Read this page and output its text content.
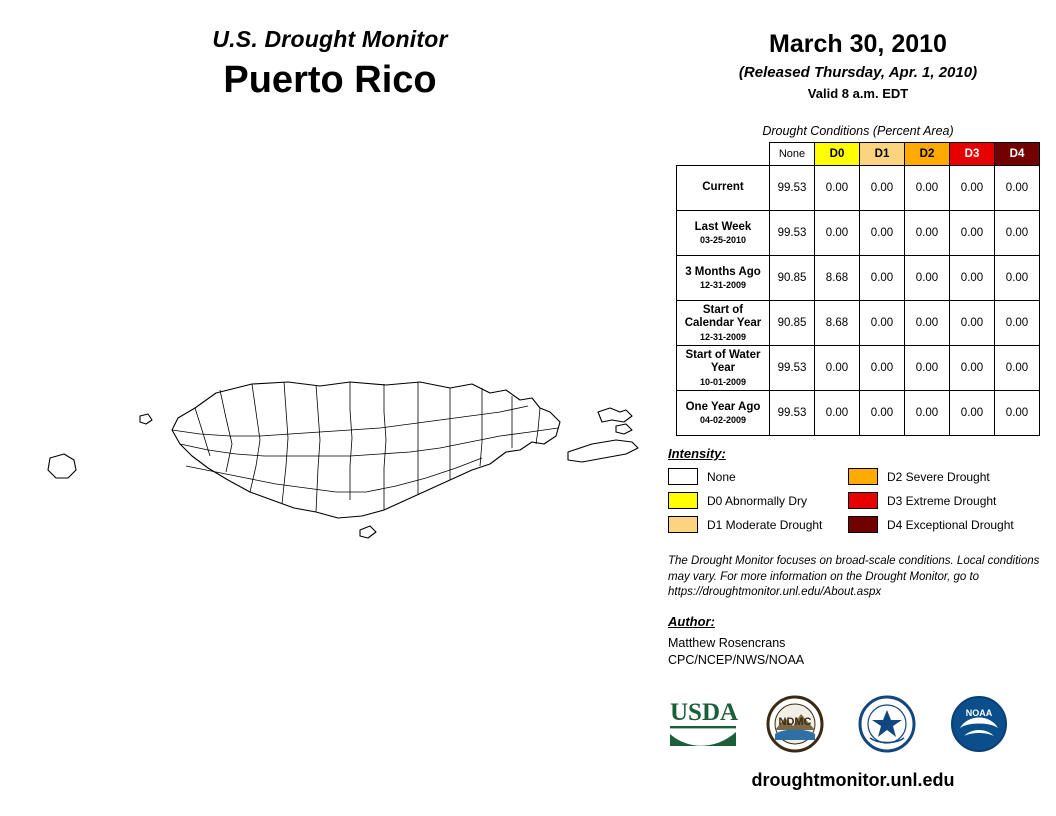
U.S. Drought Monitor
Puerto Rico
March 30, 2010
(Released Thursday, Apr. 1, 2010)
Valid 8 a.m. EDT
Drought Conditions (Percent Area)
	None	D0	D1	D2	D3	D4
Current	99.53	0.00	0.00	0.00	0.00	0.00
Last Week
03-25-2010	99.53	0.00	0.00	0.00	0.00	0.00
3 Months Ago
12-31-2009	90.85	8.68	0.00	0.00	0.00	0.00
Start of Calendar Year
12-31-2009	90.85	8.68	0.00	0.00	0.00	0.00
Start of Water Year
10-01-2009	99.53	0.00	0.00	0.00	0.00	0.00
One Year Ago
04-02-2009	99.53	0.00	0.00	0.00	0.00	0.00
Intensity:
None	D2 Severe Drought
D0 Abnormally Dry	D3 Extreme Drought
D1 Moderate Drought	D4 Exceptional Drought
The Drought Monitor focuses on broad-scale conditions. Local conditions may vary. For more information on the Drought Monitor, go to https://droughtmonitor.unl.edu/About.aspx
Author:
Matthew Rosencrans
CPC/NCEP/NWS/NOAA
USDA	NDMC
NOAA
droughtmonitor.unl.edu
